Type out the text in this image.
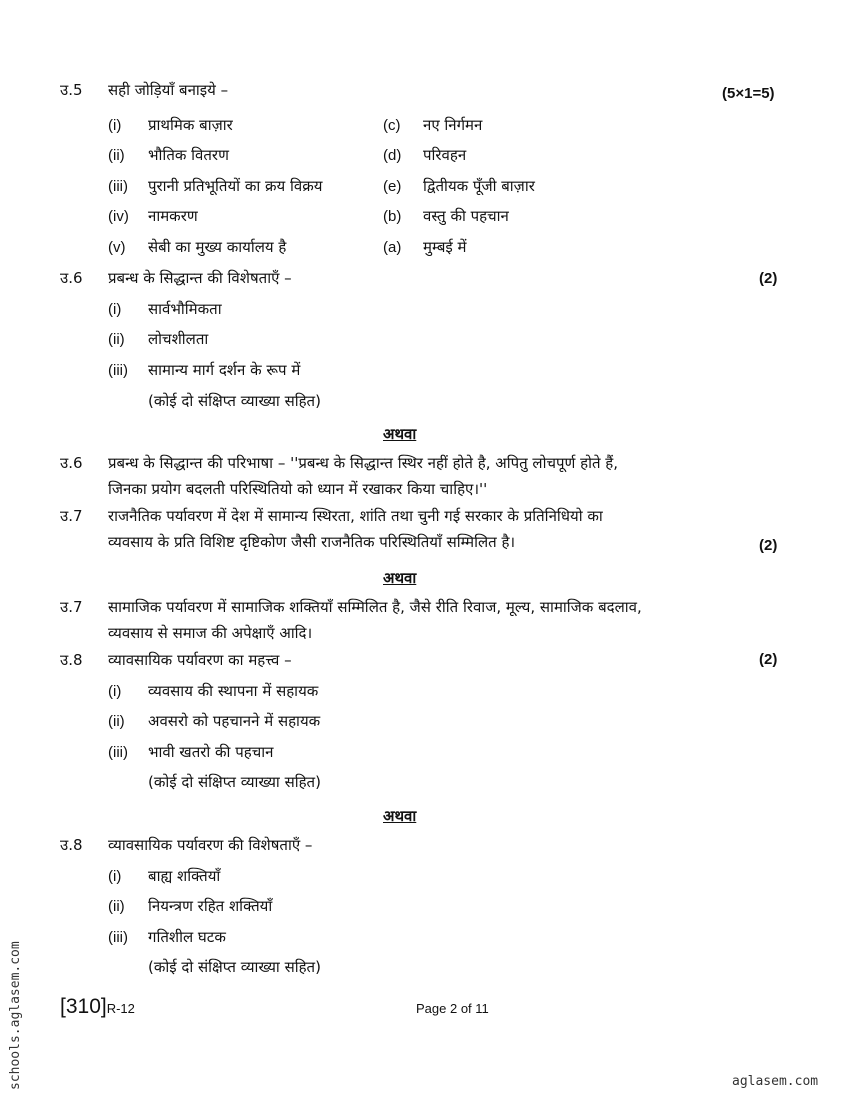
उ.5 सही जोड़ियाँ बनाइये –	(5×1=5)
(i) प्राथमिक बाज़ार	(c) नए निर्गमन
(ii) भौतिक वितरण	(d) परिवहन
(iii) पुरानी प्रतिभूतियों का क्रय विक्रय	(e) द्वितीयक पूँजी बाज़ार
(iv) नामकरण	(b) वस्तु की पहचान
(v) सेबी का मुख्य कार्यालय है	(a) मुम्बई में
उ.6 प्रबन्ध के सिद्धान्त की विशेषताएँ –	(2)
(i) सार्वभौमिकता
(ii) लोचशीलता
(iii) सामान्य मार्ग दर्शन के रूप में
(कोई दो संक्षिप्त व्याख्या सहित)
अथवा
उ.6 प्रबन्ध के सिद्धान्त की परिभाषा – ''प्रबन्ध के सिद्धान्त स्थिर नहीं होते है, अपितु लोचपूर्ण होते हैं,
जिनका प्रयोग बदलती परिस्थितियो को ध्यान में रखाकर किया चाहिए।''
उ.7 राजनैतिक पर्यावरण में देश में सामान्य स्थिरता, शांति तथा चुनी गई सरकार के प्रतिनिधियो का
व्यवसाय के प्रति विशिष्ट दृष्टिकोण जैसी राजनैतिक परिस्थितियाँ सम्मिलित है।	(2)
अथवा
उ.7 सामाजिक पर्यावरण में सामाजिक शक्तियाँ सम्मिलित है, जैसे रीति रिवाज, मूल्य, सामाजिक बदलाव,
व्यवसाय से समाज की अपेक्षाएँ आदि।
उ.8 व्यावसायिक पर्यावरण का महत्त्व –	(2)
(i) व्यवसाय की स्थापना में सहायक
(ii) अवसरो को पहचानने में सहायक
(iii) भावी खतरो की पहचान
(कोई दो संक्षिप्त व्याख्या सहित)
अथवा
उ.8 व्यावसायिक पर्यावरण की विशेषताएँ –
(i) बाह्य शक्तियाँ
(ii) नियन्त्रण रहित शक्तियाँ
(iii) गतिशील घटक
(कोई दो संक्षिप्त व्याख्या सहित)
[310]R-12	Page 2 of 11
schools.aglasem.com	aglasem.com
